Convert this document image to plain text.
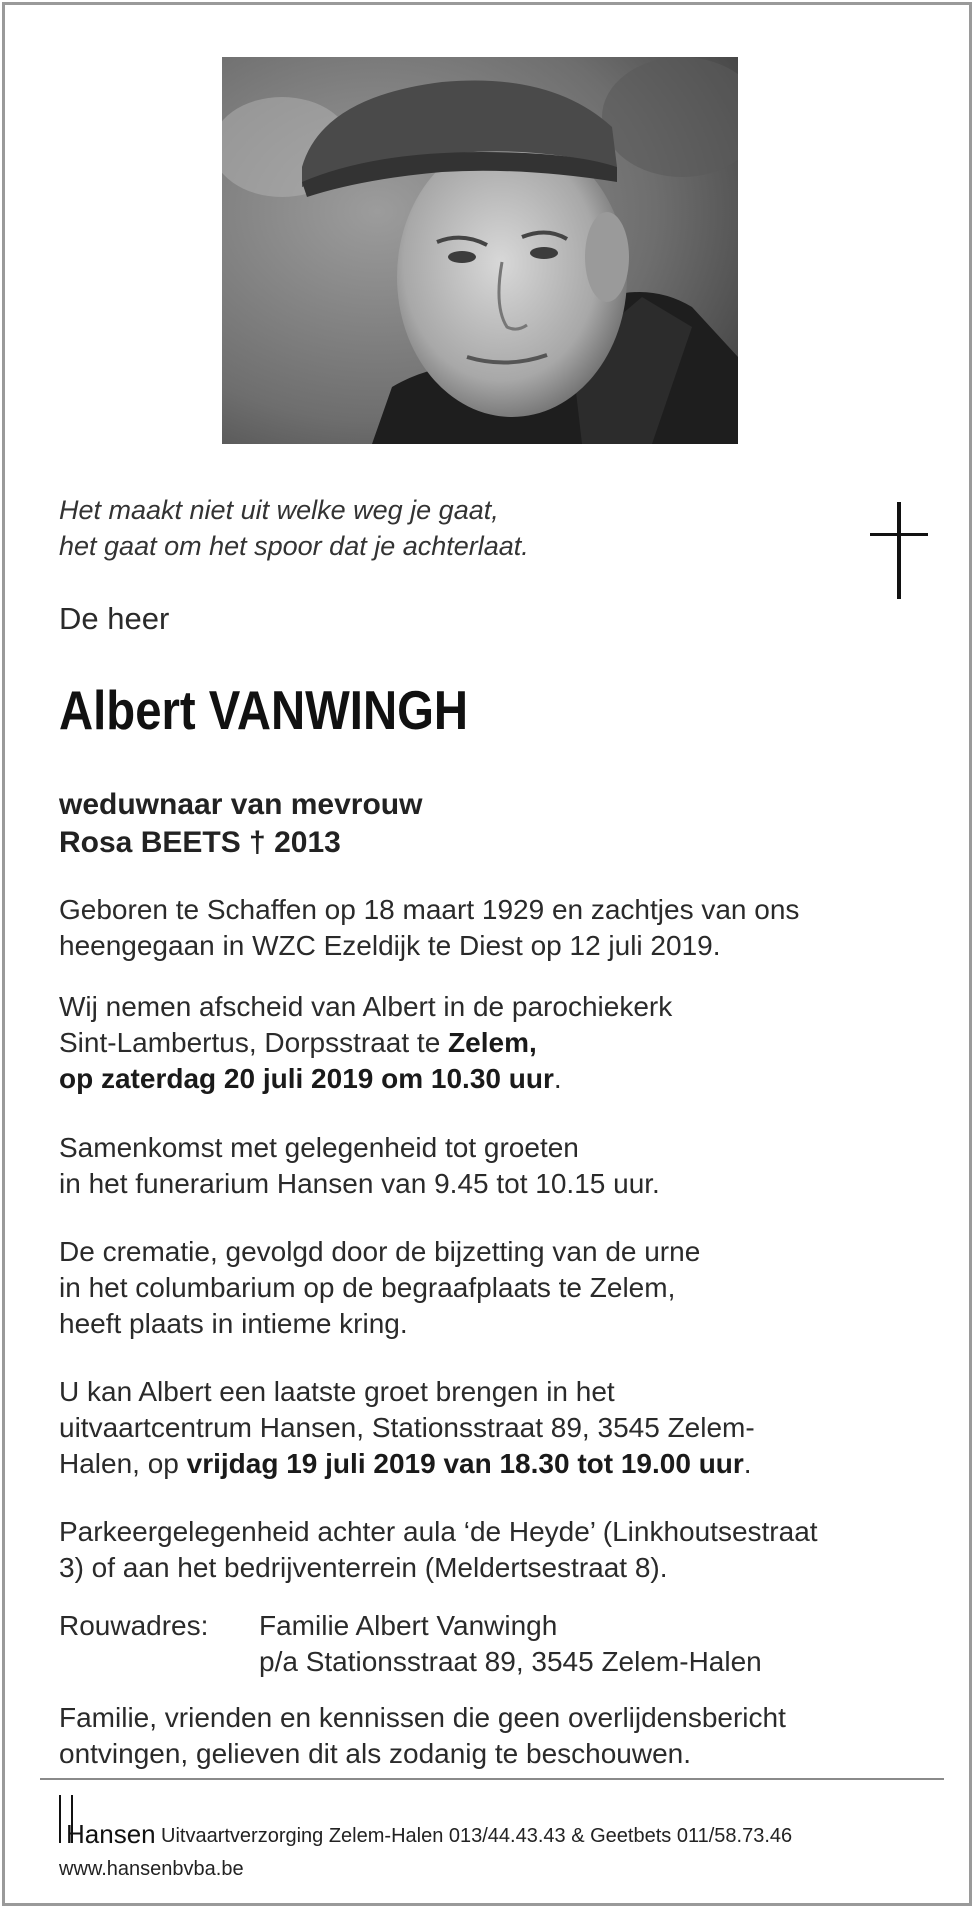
Het maakt niet uit welke weg je gaat,
het gaat om het spoor dat je achterlaat.

De heer

Albert VANWINGH

weduwnaar van mevrouw
Rosa BEETS † 2013

Geboren te Schaffen op 18 maart 1929 en zachtjes van ons
heengegaan in WZC Ezeldijk te Diest op 12 juli 2019.

Wij nemen afscheid van Albert in de parochiekerk
Sint-Lambertus, Dorpsstraat te Zelem,
op zaterdag 20 juli 2019 om 10.30 uur.

Samenkomst met gelegenheid tot groeten
in het funerarium Hansen van 9.45 tot 10.15 uur.

De crematie, gevolgd door de bijzetting van de urne
in het columbarium op de begraafplaats te Zelem,
heeft plaats in intieme kring.

U kan Albert een laatste groet brengen in het
uitvaartcentrum Hansen, Stationsstraat 89, 3545 Zelem-
Halen, op vrijdag 19 juli 2019 van 18.30 tot 19.00 uur.

Parkeergelegenheid achter aula ‘de Heyde’ (Linkhoutsestraat
3) of aan het bedrijventerrein (Meldertsestraat 8).

Rouwadres: Familie Albert Vanwingh
p/a Stationsstraat 89, 3545 Zelem-Halen

Familie, vrienden en kennissen die geen overlijdensbericht
ontvingen, gelieven dit als zodanig te beschouwen.

Hansen Uitvaartverzorging Zelem-Halen 013/44.43.43 & Geetbets 011/58.73.46
www.hansenbvba.be
